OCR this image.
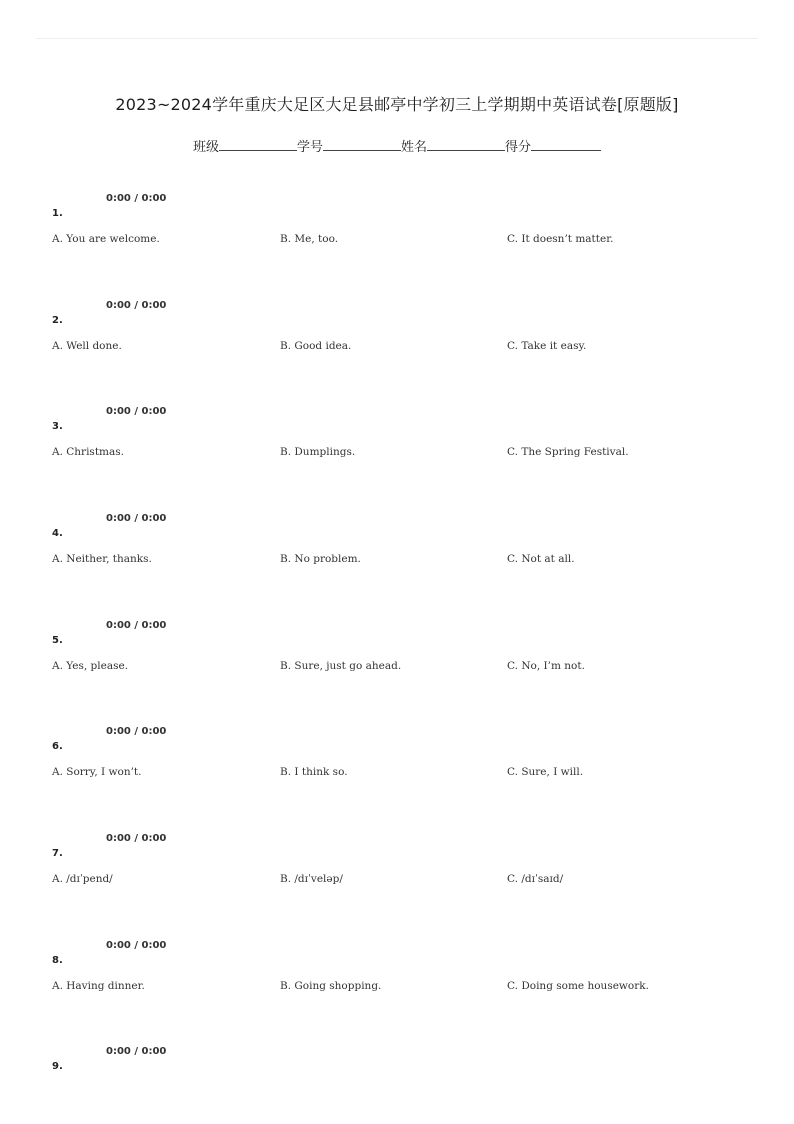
2023~2024学年重庆大足区大足县邮亭中学初三上学期期中英语试卷[原题版]
班级	学号	姓名	得分
0:00 / 0:00
1.
A. You are welcome.	B. Me, too.	C. It doesn’t matter.
0:00 / 0:00
2.
A. Well done.	B. Good idea.	C. Take it easy.
0:00 / 0:00
3.
A. Christmas.	B. Dumplings.	C. The Spring Festival.
0:00 / 0:00
4.
A. Neither, thanks.	B. No problem.	C. Not at all.
0:00 / 0:00
5.
A. Yes, please.	B. Sure, just go ahead.	C. No, I’m not.
0:00 / 0:00
6.
A. Sorry, I won’t.	B. I think so.	C. Sure, I will.
0:00 / 0:00
7.
A. /dɪˈpend/	B. /dɪˈveləp/	C. /dɪˈsaɪd/
0:00 / 0:00
8.
A. Having dinner.	B. Going shopping.	C. Doing some housework.
0:00 / 0:00
9.
